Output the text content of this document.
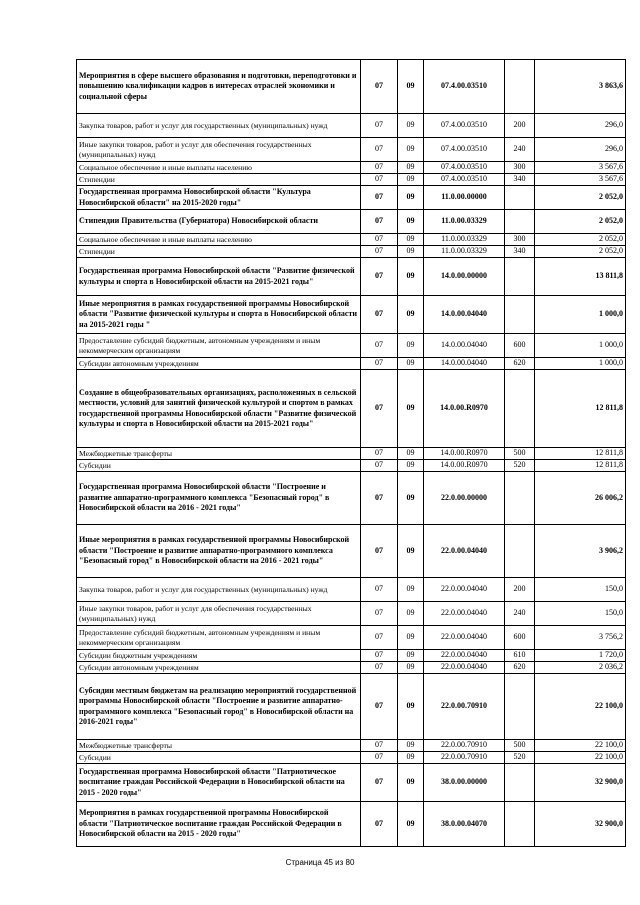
Мероприятия в сфере высшего образования и подготовки, переподготовки и повышению квалификации кадров в интересах отраслей экономики и социальной сферы	07	09	07.4.00.03510		3 863,6
Закупка товаров, работ и услуг для государственных (муниципальных) нужд	07	09	07.4.00.03510	200	296,0
Иные закупки товаров, работ и услуг для обеспечения государственных (муниципальных) нужд	07	09	07.4.00.03510	240	296,0
Социальное обеспечение и иные выплаты населению	07	09	07.4.00.03510	300	3 567,6
Стипендии	07	09	07.4.00.03510	340	3 567,6
Государственная программа Новосибирской области "Культура Новосибирской области" на 2015-2020 годы"	07	09	11.0.00.00000		2 052,0
Стипендии Правительства (Губернатора) Новосибирской области	07	09	11.0.00.03329		2 052,0
Социальное обеспечение и иные выплаты населению	07	09	11.0.00.03329	300	2 052,0
Стипендии	07	09	11.0.00.03329	340	2 052,0
Государственная программа Новосибирской области "Развитие физической культуры и спорта в Новосибирской области на 2015-2021 годы"	07	09	14.0.00.00000		13 811,8
Иные мероприятия в рамках государственной программы Новосибирской области "Развитие физической культуры и спорта в Новосибирской области на 2015-2021 годы "	07	09	14.0.00.04040		1 000,0
Предоставление субсидий бюджетным, автономным учреждениям и иным некоммерческим организациям	07	09	14.0.00.04040	600	1 000,0
Субсидии автономным учреждениям	07	09	14.0.00.04040	620	1 000,0
Создание в общеобразовательных организациях, расположенных в сельской местности, условий для занятий физической культурой и спортом в рамках государственной программы Новосибирской области "Развитие физической культуры и спорта в Новосибирской области на 2015-2021 годы"	07	09	14.0.00.R0970		12 811,8
Межбюджетные трансферты	07	09	14.0.00.R0970	500	12 811,8
Субсидии	07	09	14.0.00.R0970	520	12 811,8
Государственная программа Новосибирской области "Построение и развитие аппаратно-программного комплекса "Безопасный город" в Новосибирской области на 2016 - 2021 годы"	07	09	22.0.00.00000		26 006,2
Иные мероприятия в рамках государственной программы Новосибирской области "Построение и развитие аппаратно-программного комплекса "Безопасный город" в Новосибирской области на 2016 - 2021 годы"	07	09	22.0.00.04040		3 906,2
Закупка товаров, работ и услуг для государственных (муниципальных) нужд	07	09	22.0.00.04040	200	150,0
Иные закупки товаров, работ и услуг для обеспечения государственных (муниципальных) нужд	07	09	22.0.00.04040	240	150,0
Предоставление субсидий бюджетным, автономным учреждениям и иным некоммерческим организациям	07	09	22.0.00.04040	600	3 756,2
Субсидии бюджетным учреждениям	07	09	22.0.00.04040	610	1 720,0
Субсидии автономным учреждениям	07	09	22.0.00.04040	620	2 036,2
Субсидии местным бюджетам на реализацию мероприятий государственной программы Новосибирской области "Построение и развитие аппаратно-программного комплекса "Безопасный город" в Новосибирской области на 2016-2021 годы"	07	09	22.0.00.70910		22 100,0
Межбюджетные трансферты	07	09	22.0.00.70910	500	22 100,0
Субсидии	07	09	22.0.00.70910	520	22 100,0
Государственная программа Новосибирской области "Патриотическое воспитание граждан Российской Федерации в Новосибирской области на 2015 - 2020 годы"	07	09	38.0.00.00000		32 900,0
Мероприятия в рамках государственной программы Новосибирской области "Патриотическое воспитание граждан Российской Федерации в Новосибирской области на 2015 - 2020 годы"	07	09	38.0.00.04070		32 900,0
Страница 45 из 80
